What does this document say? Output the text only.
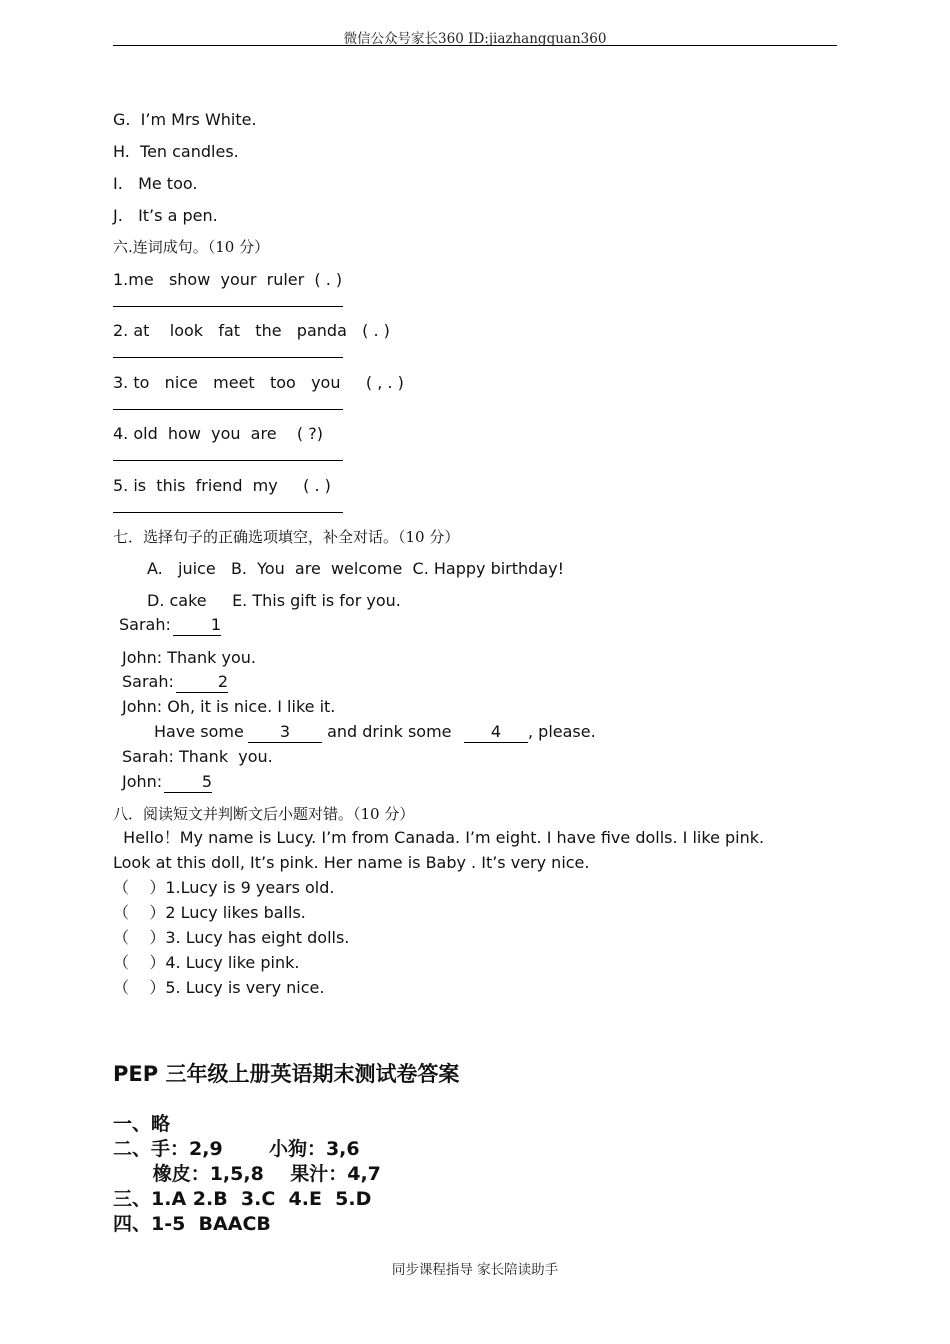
微信公众号家长360 ID:jiazhangquan360
G.  I’m Mrs White.
H.  Ten candles.
I.   Me too.
J.   It’s a pen.
六.连词成句。（10 分）
1.me   show  your  ruler  ( . )
2. at    look   fat   the   panda   ( . )
3. to   nice   meet   too   you     ( , . )
4. old  how  you  are    ( ?)
5. is  this  friend  my     ( . )
七．选择句子的正确选项填空，补全对话。（10 分）
A.   juice   B.  You  are  welcome  C. Happy birthday!
D. cake     E. This gift is for you.
Sarah:	1
John: Thank you.
Sarah:	2
John: Oh, it is nice. I like it.
Have some	3	and drink some	4	, please.
Sarah: Thank  you.
John:	5
八．阅读短文并判断文后小题对错。（10 分）
Hello！My name is Lucy. I’m from Canada. I’m eight. I have five dolls. I like pink.
Look at this doll, It’s pink. Her name is Baby . It’s very nice.
（    ）1.Lucy is 9 years old.
（    ）2 Lucy likes balls.
（    ）3. Lucy has eight dolls.
（    ）4. Lucy like pink.
（    ）5. Lucy is very nice.
PEP 三年级上册英语期末测试卷答案
一、略
二、手：2,9       小狗：3,6
橡皮：1,5,8    果汁：4,7
三、1.A 2.B  3.C  4.E  5.D
四、1-5  BAACB
同步课程指导 家长陪读助手
